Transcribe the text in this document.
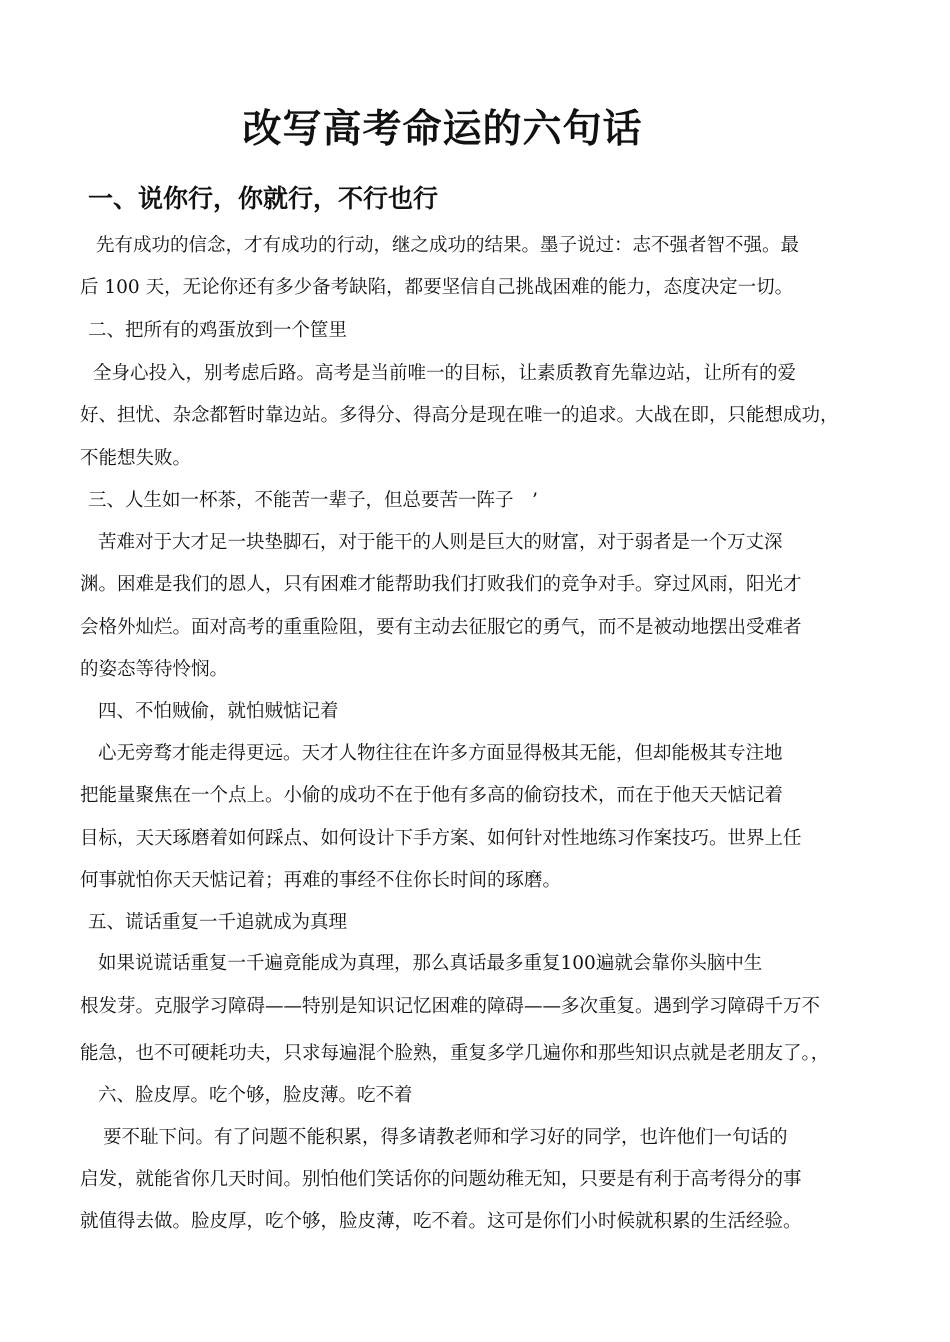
改写高考命运的六句话
一、说你行，你就行，不行也行
先有成功的信念，才有成功的行动，继之成功的结果。墨子说过：志不强者智不强。最
后 100 天，无论你还有多少备考缺陷，都要坚信自己挑战困难的能力，态度决定一切。
二、把所有的鸡蛋放到一个筐里
全身心投入，别考虑后路。高考是当前唯一的目标，让素质教育先靠边站，让所有的爱
好、担忧、杂念都暂时靠边站。多得分、得高分是现在唯一的追求。大战在即，只能想成功，
不能想失败。
三、人生如一杯茶，不能苦一辈子，但总要苦一阵子　’
苦难对于大才足一块垫脚石，对于能干的人则是巨大的财富，对于弱者是一个万丈深
渊。困难是我们的恩人，只有困难才能帮助我们打败我们的竞争对手。穿过风雨，阳光才
会格外灿烂。面对高考的重重险阻，要有主动去征服它的勇气，而不是被动地摆出受难者
的姿态等待怜悯。
四、不怕贼偷，就怕贼惦记着
心无旁骛才能走得更远。天才人物往往在许多方面显得极其无能，但却能极其专注地
把能量聚焦在一个点上。小偷的成功不在于他有多高的偷窃技术，而在于他天天惦记着
目标，天天琢磨着如何踩点、如何设计下手方案、如何针对性地练习作案技巧。世界上任
何事就怕你天天惦记着；再难的事经不住你长时间的琢磨。
五、谎话重复一千追就成为真理
如果说谎话重复一千遍竟能成为真理，那么真话最多重复100遍就会靠你头脑中生
根发芽。克服学习障碍——特别是知识记忆困难的障碍——多次重复。遇到学习障碍千万不
能急，也不可硬耗功夫，只求每遍混个脸熟，重复多学几遍你和那些知识点就是老朋友了。，
六、脸皮厚。吃个够，脸皮薄。吃不着
要不耻下问。有了问题不能积累，得多请教老师和学习好的同学，也许他们一句话的
启发，就能省你几天时间。别怕他们笑话你的问题幼稚无知，只要是有利于高考得分的事
就值得去做。脸皮厚，吃个够，脸皮薄，吃不着。这可是你们小时候就积累的生活经验。
